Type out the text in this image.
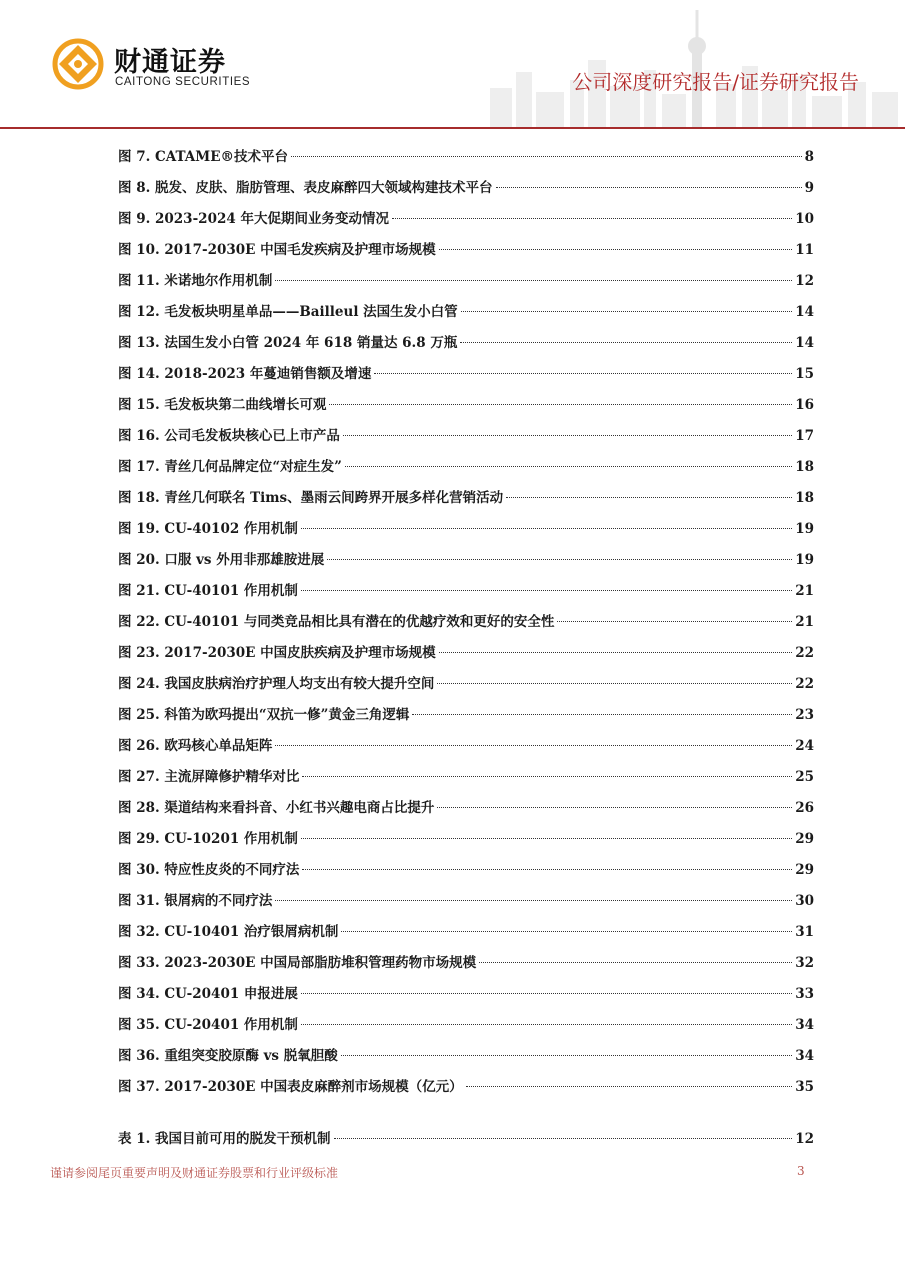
财通证券
CAITONG SECURITIES	公司深度研究报告/证券研究报告
图 7. CATAME®技术平台	8
图 8. 脱发、皮肤、脂肪管理、表皮麻醉四大领域构建技术平台	9
图 9. 2023-2024 年大促期间业务变动情况	10
图 10. 2017-2030E 中国毛发疾病及护理市场规模	11
图 11. 米诺地尔作用机制	12
图 12. 毛发板块明星单品——Bailleul 法国生发小白管	14
图 13. 法国生发小白管 2024 年 618 销量达 6.8 万瓶	14
图 14. 2018-2023 年蔓迪销售额及增速	15
图 15. 毛发板块第二曲线增长可观	16
图 16. 公司毛发板块核心已上市产品	17
图 17. 青丝几何品牌定位“对症生发”	18
图 18. 青丝几何联名 Tims、墨雨云间跨界开展多样化营销活动	18
图 19. CU-40102 作用机制	19
图 20. 口服 vs 外用非那雄胺进展	19
图 21. CU-40101 作用机制	21
图 22. CU-40101 与同类竞品相比具有潜在的优越疗效和更好的安全性	21
图 23. 2017-2030E 中国皮肤疾病及护理市场规模	22
图 24. 我国皮肤病治疗护理人均支出有较大提升空间	22
图 25. 科笛为欧玛提出“双抗一修”黄金三角逻辑	23
图 26. 欧玛核心单品矩阵	24
图 27. 主流屏障修护精华对比	25
图 28. 渠道结构来看抖音、小红书兴趣电商占比提升	26
图 29. CU-10201 作用机制	29
图 30. 特应性皮炎的不同疗法	29
图 31. 银屑病的不同疗法	30
图 32. CU-10401 治疗银屑病机制	31
图 33. 2023-2030E 中国局部脂肪堆积管理药物市场规模	32
图 34. CU-20401 申报进展	33
图 35. CU-20401 作用机制	34
图 36. 重组突变胶原酶 vs 脱氧胆酸	34
图 37. 2017-2030E 中国表皮麻醉剂市场规模（亿元）	35
表 1. 我国目前可用的脱发干预机制	12
谨请参阅尾页重要声明及财通证券股票和行业评级标准	3
